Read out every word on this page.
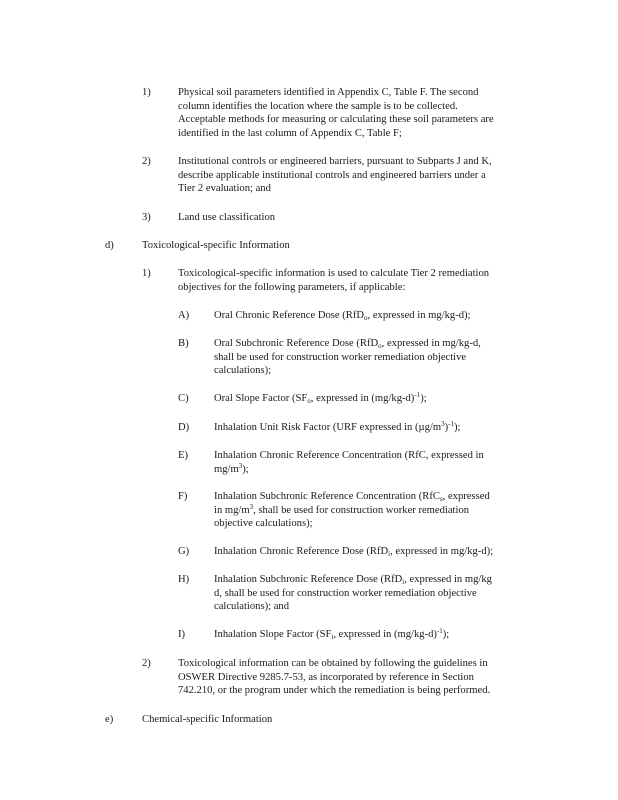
1)	Physical soil parameters identified in Appendix C, Table F. The second
column identifies the location where the sample is to be collected.
Acceptable methods for measuring or calculating these soil parameters are
identified in the last column of Appendix C, Table F;
2)	Institutional controls or engineered barriers, pursuant to Subparts J and K,
describe applicable institutional controls and engineered barriers under a
Tier 2 evaluation; and
3)	Land use classification
d)	Toxicological-specific Information
1)	Toxicological-specific information is used to calculate Tier 2 remediation
objectives for the following parameters, if applicable:
A) Oral Chronic Reference Dose (RfD$_o$, expressed in mg/kg-d);
B) Oral Subchronic Reference Dose (RfD$_o$, expressed in mg/kg-d,
shall be used for construction worker remediation objective
calculations);
C) Oral Slope Factor ($SF_o$, expressed in $(mg/kg-d)^{-1}$);
D) Inhalation Unit Risk Factor (URF expressed in $(\mu g/m^3)^{-1}$);
E) Inhalation Chronic Reference Concentration (RfC, expressed in
$mg/m^3$);
F)	Inhalation Subchronic Reference Concentration (RfC$_s$, expressed
in $mg/m^3$, shall be used for construction worker remediation
objective calculations);
G) Inhalation Chronic Reference Dose (RfD$_i$, expressed in mg/kg-d);
H) Inhalation Subchronic Reference Dose (RfD$_i$, expressed in mg/kg
d, shall be used for construction worker remediation objective
calculations); and
I)	Inhalation Slope Factor ($SF_i$, expressed in $(mg/kg-d)^{-1}$);
2)	Toxicological information can be obtained by following the guidelines in
OSWER Directive 9285.7-53, as incorporated by reference in Section
742.210, or the program under which the remediation is being performed.
e)	Chemical-specific Information
